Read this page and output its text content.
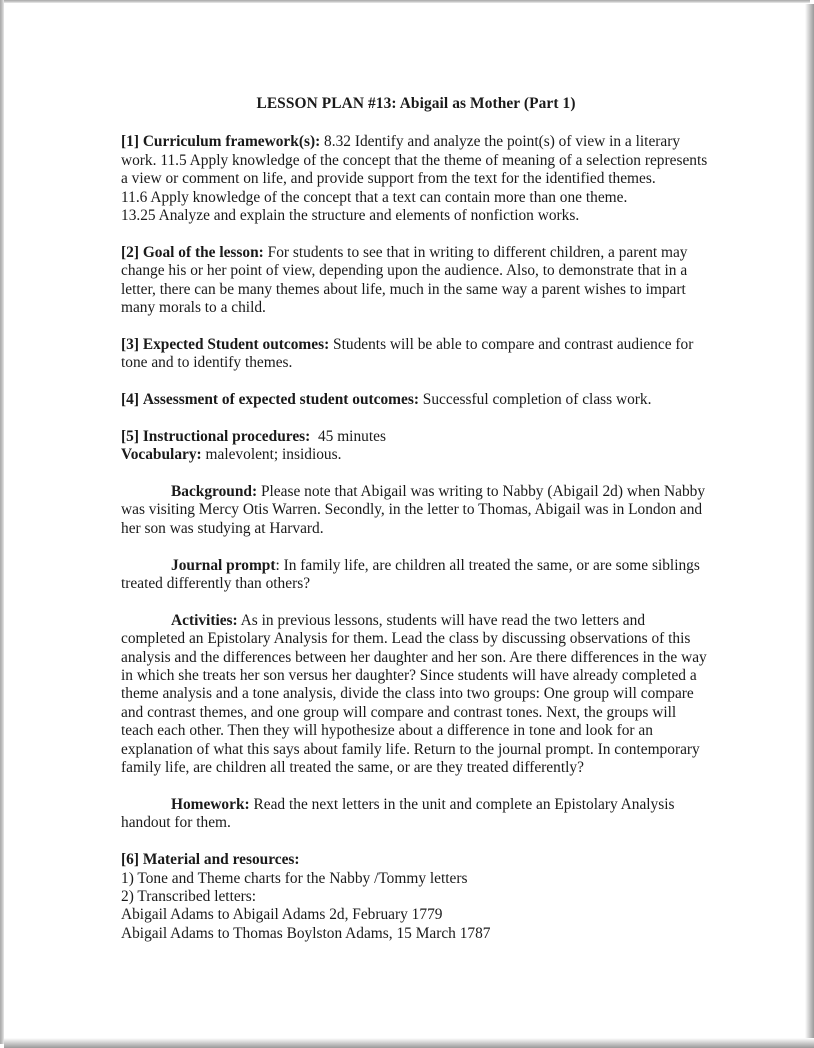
LESSON PLAN #13: Abigail as Mother (Part 1)

[1] Curriculum framework(s): 8.32 Identify and analyze the point(s) of view in a literary work. 11.5 Apply knowledge of the concept that the theme of meaning of a selection represents a view or comment on life, and provide support from the text for the identified themes.

11.6 Apply knowledge of the concept that a text can contain more than one theme.

13.25 Analyze and explain the structure and elements of nonfiction works.

[2] Goal of the lesson: For students to see that in writing to different children, a parent may change his or her point of view, depending upon the audience. Also, to demonstrate that in a letter, there can be many themes about life, much in the same way a parent wishes to impart many morals to a child.

[3] Expected Student outcomes: Students will be able to compare and contrast audience for tone and to identify themes.

[4] Assessment of expected student outcomes: Successful completion of class work.

[5] Instructional procedures:  45 minutes

Vocabulary: malevolent; insidious.

Background: Please note that Abigail was writing to Nabby (Abigail 2d) when Nabby was visiting Mercy Otis Warren. Secondly, in the letter to Thomas, Abigail was in London and her son was studying at Harvard.

Journal prompt: In family life, are children all treated the same, or are some siblings treated differently than others?

Activities: As in previous lessons, students will have read the two letters and completed an Epistolary Analysis for them. Lead the class by discussing observations of this analysis and the differences between her daughter and her son. Are there differences in the way in which she treats her son versus her daughter? Since students will have already completed a theme analysis and a tone analysis, divide the class into two groups: One group will compare and contrast themes, and one group will compare and contrast tones. Next, the groups will teach each other. Then they will hypothesize about a difference in tone and look for an explanation of what this says about family life. Return to the journal prompt. In contemporary family life, are children all treated the same, or are they treated differently?

Homework: Read the next letters in the unit and complete an Epistolary Analysis handout for them.

[6] Material and resources:

1) Tone and Theme charts for the Nabby /Tommy letters

2) Transcribed letters:

Abigail Adams to Abigail Adams 2d, February 1779

Abigail Adams to Thomas Boylston Adams, 15 March 1787
